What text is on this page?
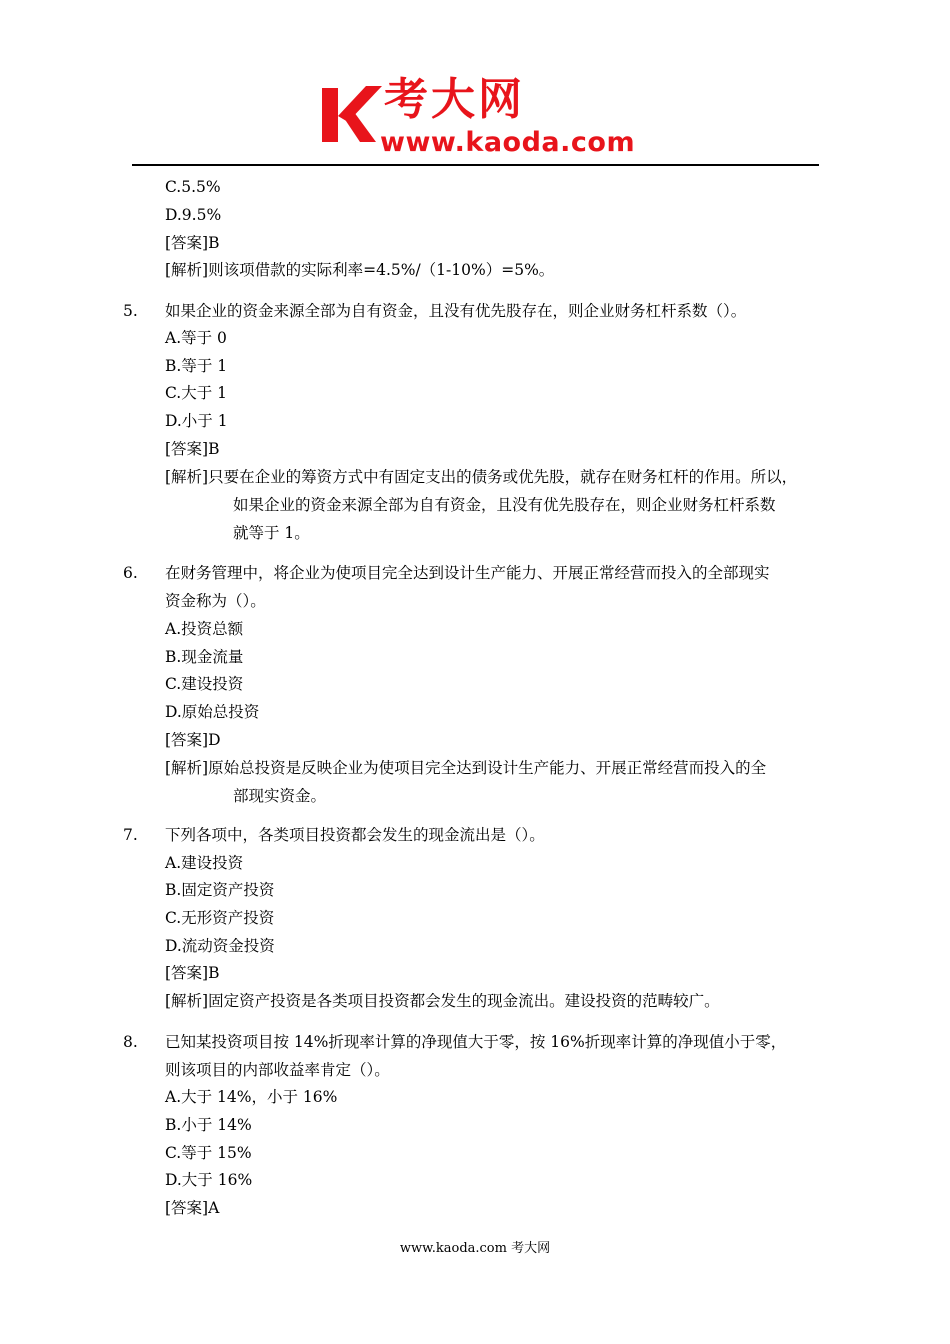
考大网
www.kaoda.com
C.5.5%
D.9.5%
[答案]B
[解析]则该项借款的实际利率=4.5%/（1-10%）=5%。
5. 如果企业的资金来源全部为自有资金，且没有优先股存在，则企业财务杠杆系数（）。
A.等于 0
B.等于 1
C.大于 1
D.小于 1
[答案]B
[解析]只要在企业的筹资方式中有固定支出的债务或优先股，就存在财务杠杆的作用。所以，
如果企业的资金来源全部为自有资金，且没有优先股存在，则企业财务杠杆系数
就等于 1。
6. 在财务管理中，将企业为使项目完全达到设计生产能力、开展正常经营而投入的全部现实
资金称为（）。
A.投资总额
B.现金流量
C.建设投资
D.原始总投资
[答案]D
[解析]原始总投资是反映企业为使项目完全达到设计生产能力、开展正常经营而投入的全
部现实资金。
7. 下列各项中，各类项目投资都会发生的现金流出是（）。
A.建设投资
B.固定资产投资
C.无形资产投资
D.流动资金投资
[答案]B
[解析]固定资产投资是各类项目投资都会发生的现金流出。建设投资的范畴较广。
8. 已知某投资项目按 14%折现率计算的净现值大于零，按 16%折现率计算的净现值小于零，
则该项目的内部收益率肯定（）。
A.大于 14%，小于 16%
B.小于 14%
C.等于 15%
D.大于 16%
[答案]A
www.kaoda.com 考大网
